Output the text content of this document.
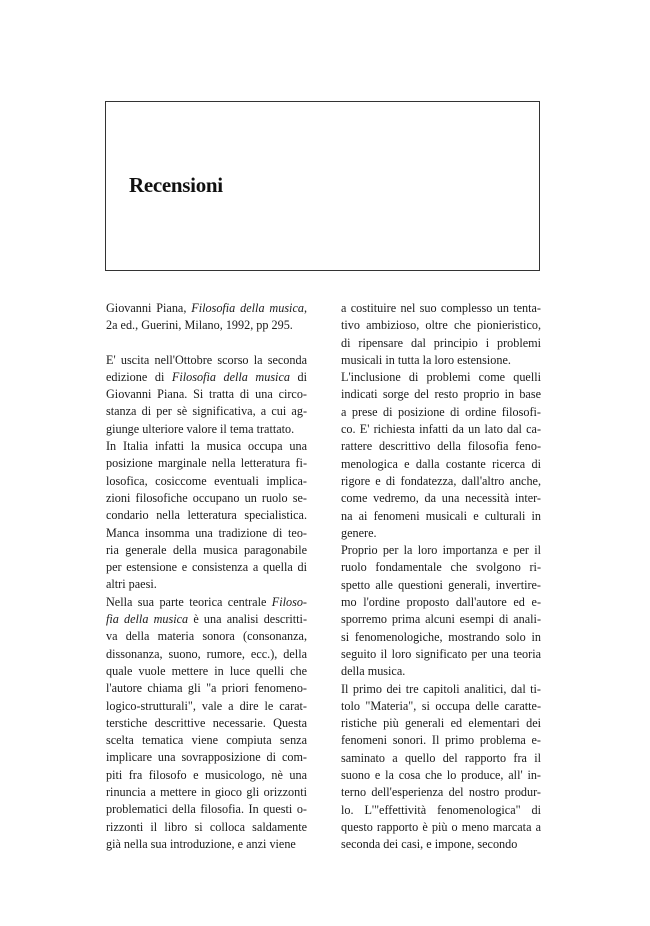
Recensioni

Giovanni Piana, Filosofia della musica,
2a ed., Guerini, Milano, 1992, pp 295.

E' uscita nell'Ottobre scorso la seconda
edizione di Filosofia della musica di
Giovanni Piana. Si tratta di una circo-
stanza di per sè significativa, a cui ag-
giunge ulteriore valore il tema trattato.

In Italia infatti la musica occupa una
posizione marginale nella letteratura fi-
losofica, cosiccome eventuali implica-
zioni filosofiche occupano un ruolo se-
condario nella letteratura specialistica.
Manca insomma una tradizione di teo-
ria generale della musica paragonabile
per estensione e consistenza a quella di
altri paesi.

Nella sua parte teorica centrale Filoso-
fia della musica è una analisi descritti-
va della materia sonora (consonanza,
dissonanza, suono, rumore, ecc.), della
quale vuole mettere in luce quelli che
l'autore chiama gli "a priori fenomeno-
logico-strutturali", vale a dire le carat-
terstiche descrittive necessarie. Questa
scelta tematica viene compiuta senza
implicare una sovrapposizione di com-
piti fra filosofo e musicologo, nè una
rinuncia a mettere in gioco gli orizzonti
problematici della filosofia. In questi o-
rizzonti il libro si colloca saldamente
già nella sua introduzione, e anzi viene

a costituire nel suo complesso un tenta-
tivo ambizioso, oltre che pionieristico,
di ripensare dal principio i problemi
musicali in tutta la loro estensione.

L'inclusione di problemi come quelli
indicati sorge del resto proprio in base
a prese di posizione di ordine filosofi-
co. E' richiesta infatti da un lato dal ca-
rattere descrittivo della filosofia feno-
menologica e dalla costante ricerca di
rigore e di fondatezza, dall'altro anche,
come vedremo, da una necessità inter-
na ai fenomeni musicali e culturali in
genere.

Proprio per la loro importanza e per il
ruolo fondamentale che svolgono ri-
spetto alle questioni generali, invertire-
mo l'ordine proposto dall'autore ed e-
sporremo prima alcuni esempi di anali-
si fenomenologiche, mostrando solo in
seguito il loro significato per una teoria
della musica.

Il primo dei tre capitoli analitici, dal ti-
tolo "Materia", si occupa delle caratte-
ristiche più generali ed elementari dei
fenomeni sonori. Il primo problema e-
saminato a quello del rapporto fra il
suono e la cosa che lo produce, all' in-
terno dell'esperienza del nostro produr-
lo. L'"effettività fenomenologica" di
questo rapporto è più o meno marcata a
seconda dei casi, e impone, secondo
